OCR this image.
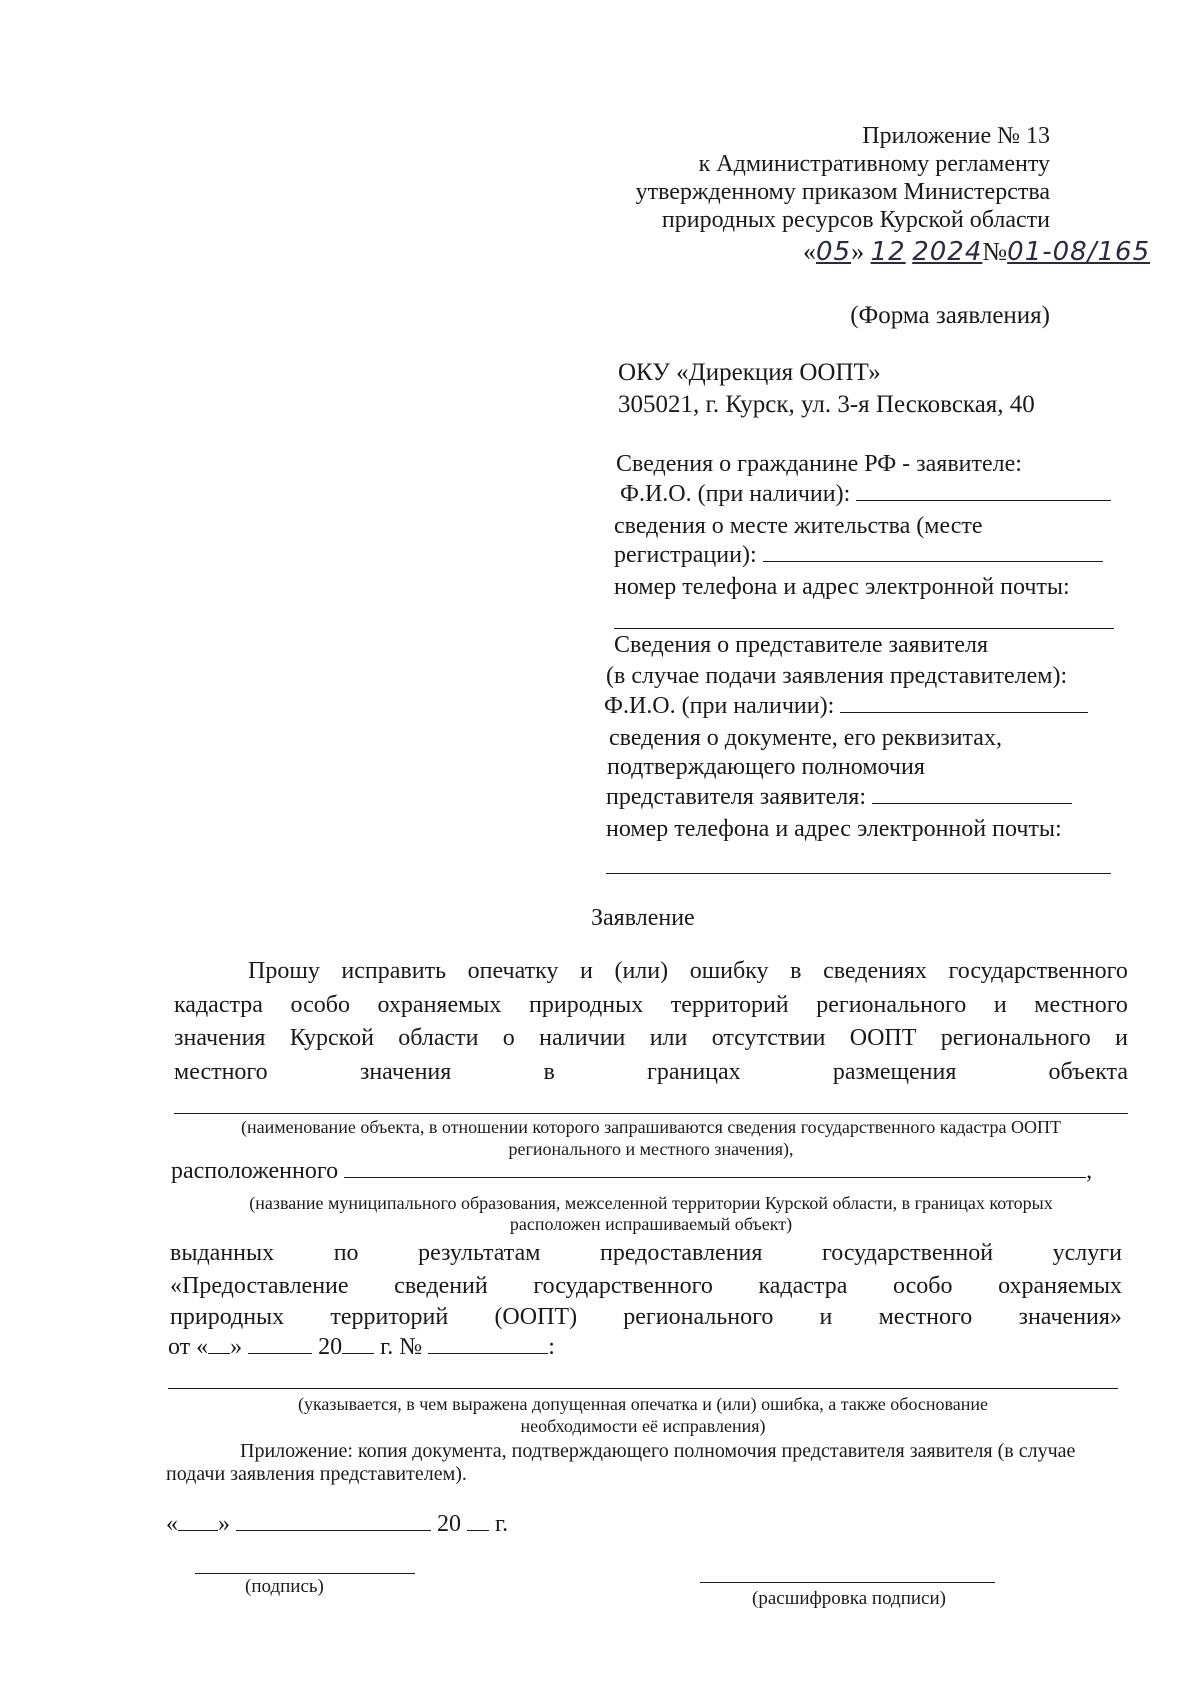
Приложение № 13
к Административному регламенту
утвержденному приказом Министерства
природных ресурсов Курской области
«05» 12 2024№01-08/165
(Форма заявления)
ОКУ «Дирекция ООПТ»
305021, г. Курск, ул. 3-я Песковская, 40
Сведения о гражданине РФ - заявителе:
Ф.И.О. (при наличии):
сведения о месте жительства (месте
регистрации):
номер телефона и адрес электронной почты:
Сведения о представителе заявителя
(в случае подачи заявления представителем):
Ф.И.О. (при наличии):
сведения о документе, его реквизитах,
подтверждающего полномочия
представителя заявителя:
номер телефона и адрес электронной почты:
Заявление
Прошу исправить опечатку и (или) ошибку в сведениях государственного
кадастра особо охраняемых природных территорий регионального и местного
значения Курской области о наличии или отсутствии ООПТ регионального и
местного	значения	в	границах	размещения	объекта
(наименование объекта, в отношении которого запрашиваются сведения государственного кадастра ООПТ
регионального и местного значения),
расположенного	,
(название муниципального образования, межселенной территории Курской области, в границах которых
расположен испрашиваемый объект)
выданных по результатам предоставления государственной услуги
«Предоставление сведений государственного кадастра особо охраняемых
природных территорий (ООПТ) регионального и местного значения»
от « »	20 г. №	:
(указывается, в чем выражена допущенная опечатка и (или) ошибка, а также обоснование
необходимости её исправления)
Приложение: копия документа, подтверждающего полномочия представителя заявителя (в случае
подачи заявления представителем).
« »	20 г.
(подпись)
(расшифровка подписи)
